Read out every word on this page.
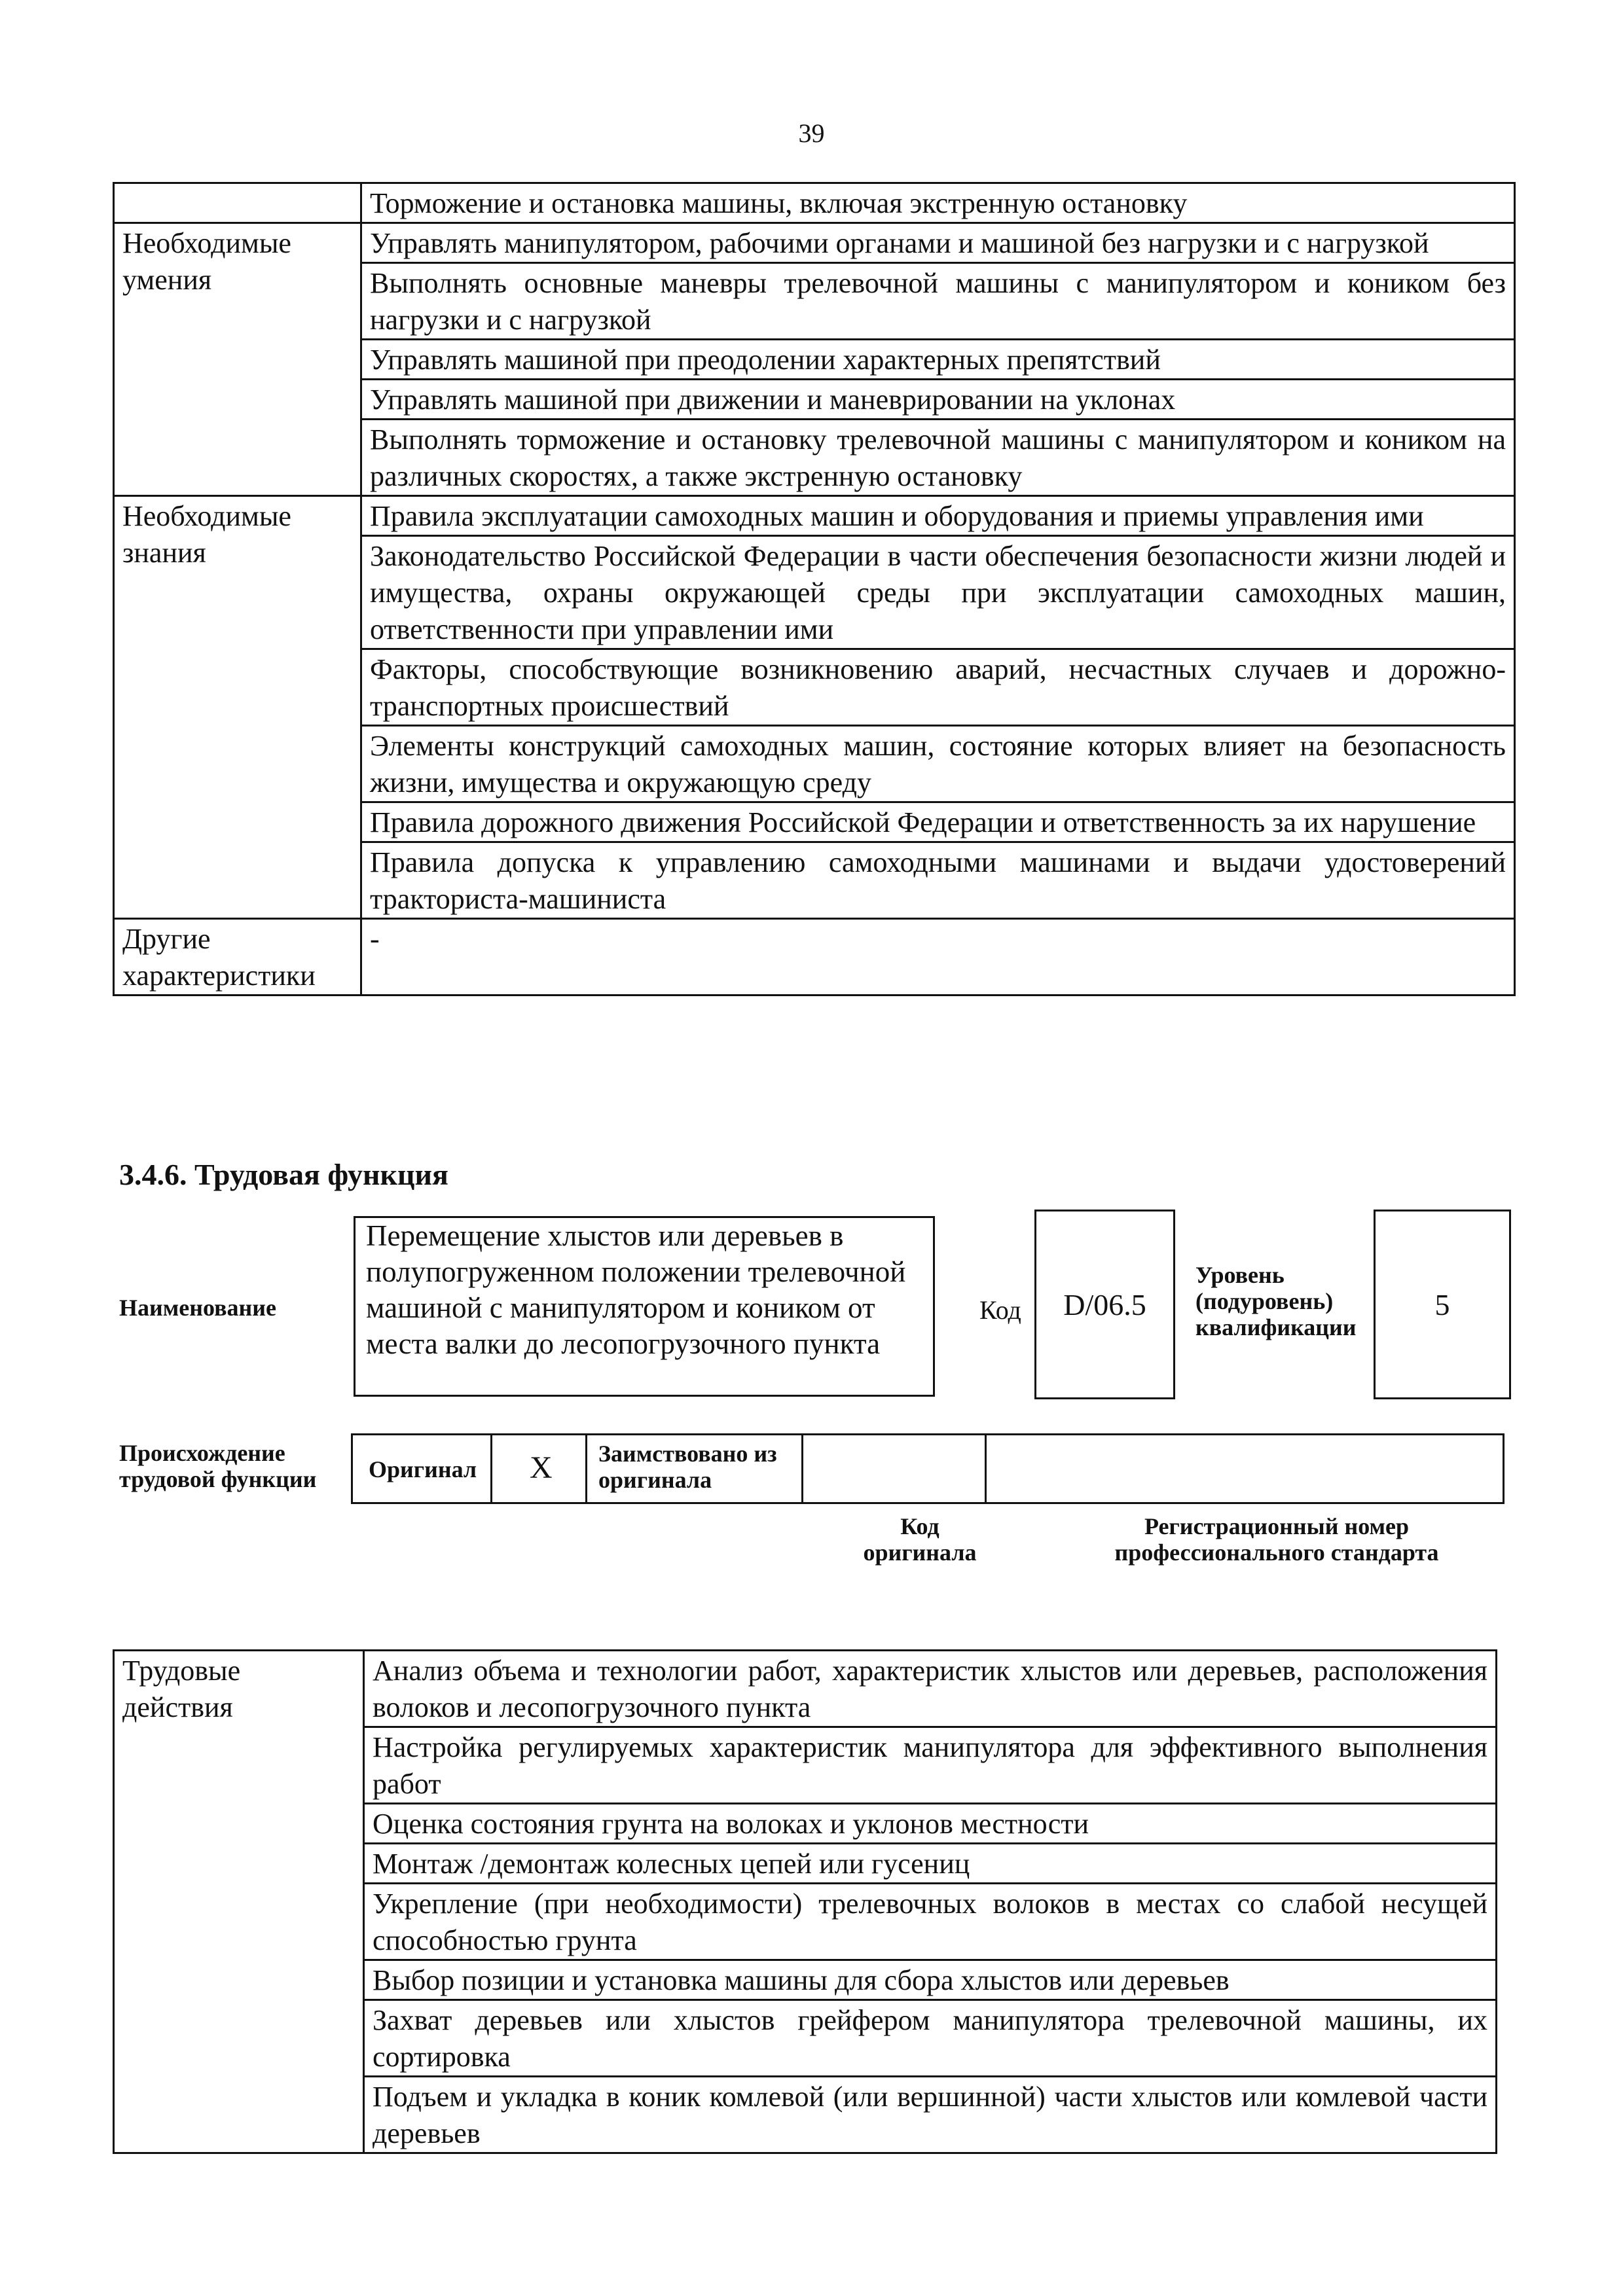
39
	Торможение и остановка машины, включая экстренную остановку
Необходимые умения	Управлять манипулятором, рабочими органами и машиной без нагрузки и с нагрузкой
	Выполнять основные маневры трелевочной машины с манипулятором и коником без нагрузки и с нагрузкой
	Управлять машиной при преодолении характерных препятствий
	Управлять машиной при движении и маневрировании на уклонах
	Выполнять торможение и остановку трелевочной машины с манипулятором и коником на различных скоростях, а также экстренную остановку
Необходимые знания	Правила эксплуатации самоходных машин и оборудования и приемы управления ими
	Законодательство Российской Федерации в части обеспечения безопасности жизни людей и имущества, охраны окружающей среды при эксплуатации самоходных машин, ответственности при управлении ими
	Факторы, способствующие возникновению аварий, несчастных случаев и дорожно-транспортных происшествий
	Элементы конструкций самоходных машин, состояние которых влияет на безопасность жизни, имущества и окружающую среду
	Правила дорожного движения Российской Федерации и ответственность за их нарушение
	Правила допуска к управлению самоходными машинами и выдачи удостоверений тракториста-машиниста
Другие характеристики	-
3.4.6. Трудовая функция
Наименование
Перемещение хлыстов или деревьев в полупогруженном положении трелевочной машиной с манипулятором и коником от места валки до лесопогрузочного пункта
Код D/06.5
Уровень (подуровень) квалификации
5
Происхождение трудовой функции	Оригинал X Заимствовано из оригинала
Код оригинала
Регистрационный номер профессионального стандарта
Трудовые действия	Анализ объема и технологии работ, характеристик хлыстов или деревьев, расположения волоков и лесопогрузочного пункта
Настройка регулируемых характеристик манипулятора для эффективного выполнения работ
Оценка состояния грунта на волоках и уклонов местности
Монтаж /демонтаж колесных цепей или гусениц
Укрепление (при необходимости) трелевочных волоков в местах со слабой несущей способностью грунта
Выбор позиции и установка машины для сбора хлыстов или деревьев
Захват деревьев или хлыстов грейфером манипулятора трелевочной машины, их сортировка
Подъем и укладка в коник комлевой (или вершинной) части хлыстов или комлевой части деревьев
